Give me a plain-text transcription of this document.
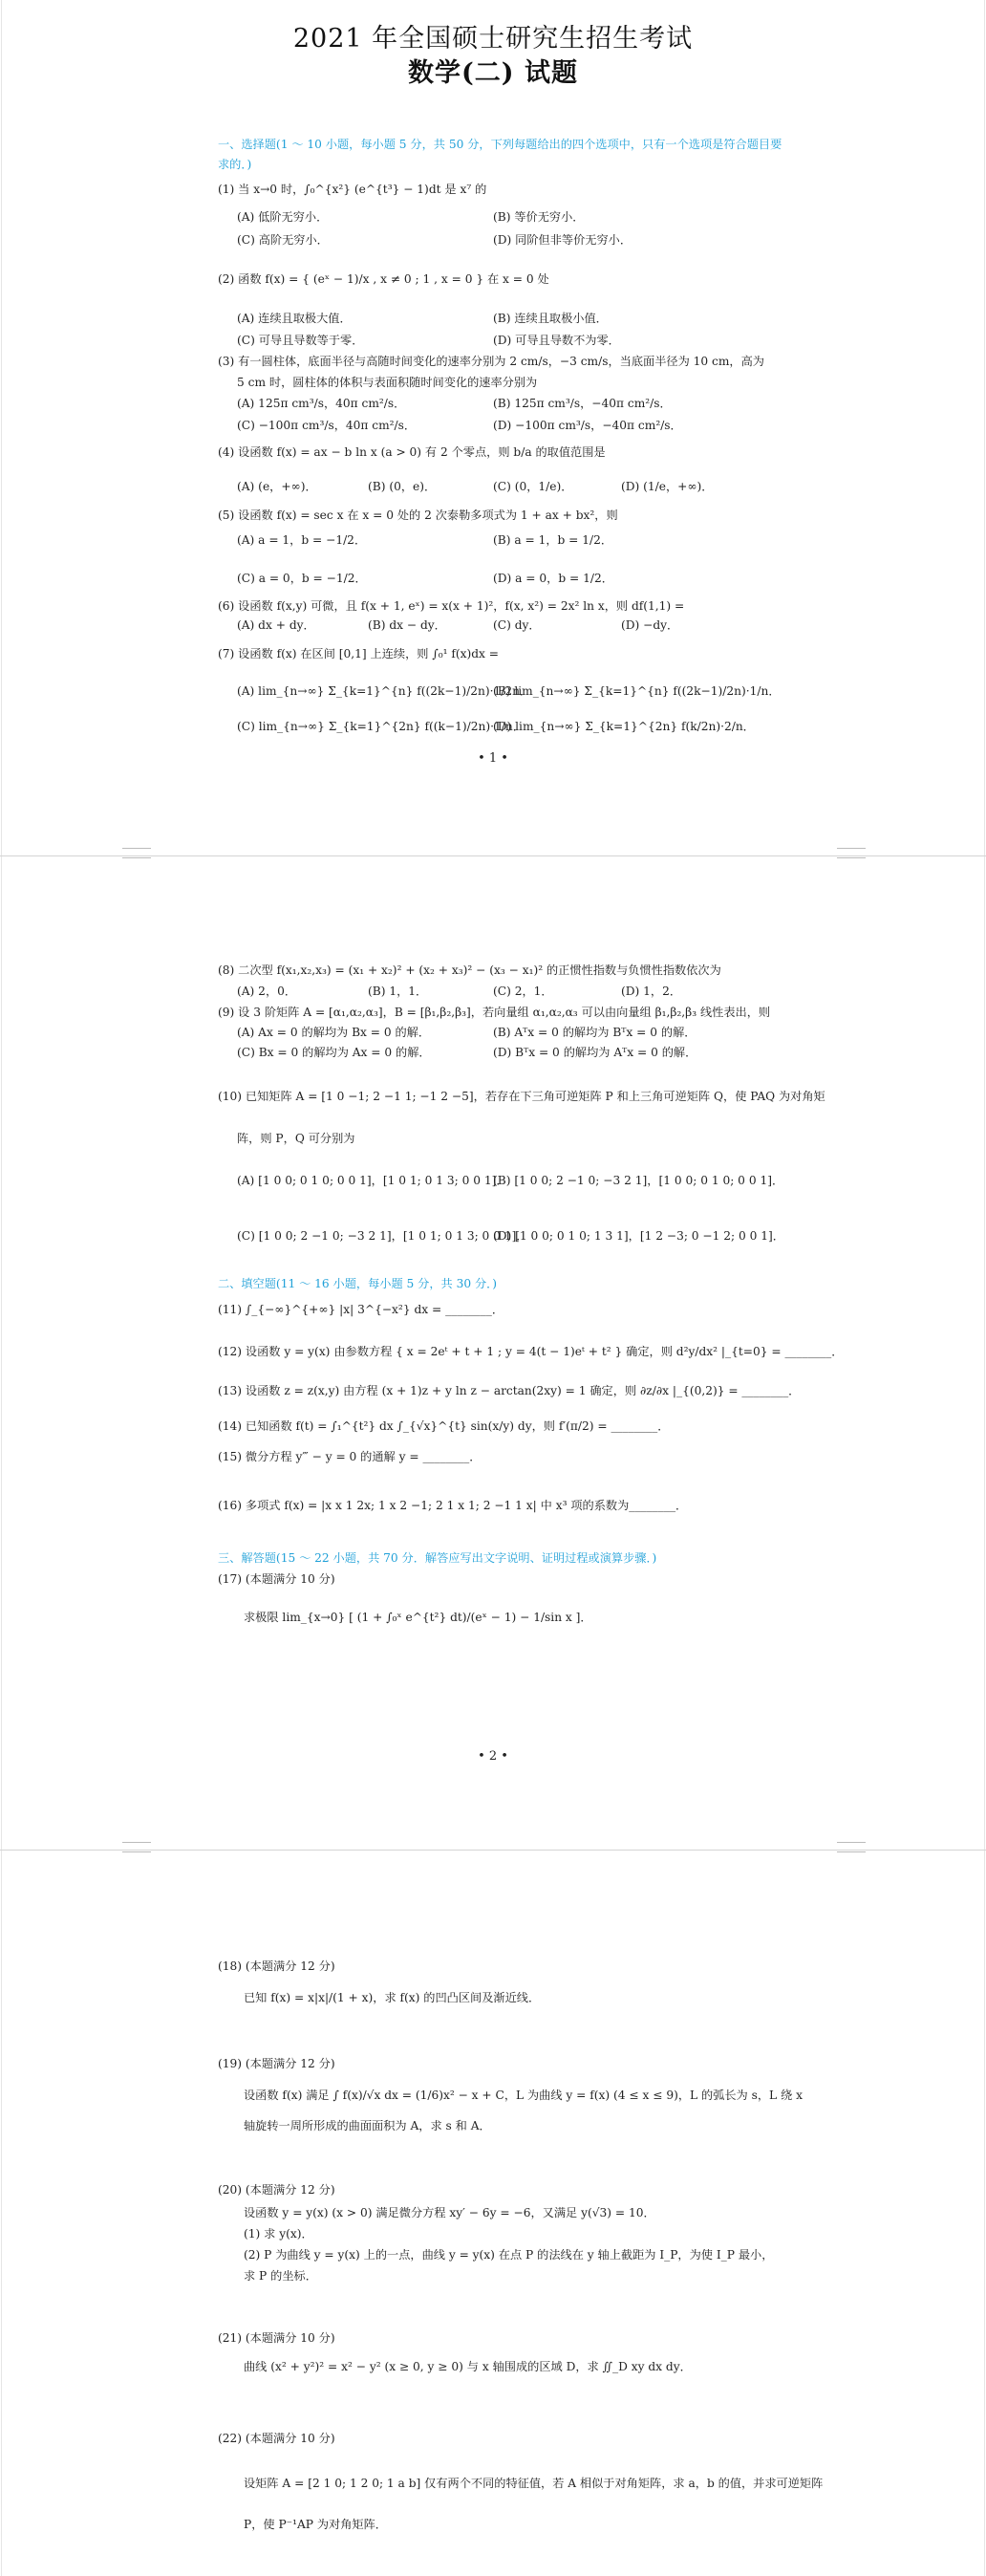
2021 年全国硕士研究生招生考试
数学(二) 试题
一、选择题(1 ～ 10 小题，每小题 5 分，共 50 分，下列每题给出的四个选项中，只有一个选项是符合题目要
求的．)
(1) 当 x→0 时，∫₀^{x²} (e^{t³} − 1)dt 是 x⁷ 的
(A) 低阶无穷小．	(B) 等价无穷小．
(C) 高阶无穷小．	(D) 同阶但非等价无穷小．
(2) 函数 f(x) = { (eˣ − 1)/x , x ≠ 0 ; 1 , x = 0 } 在 x = 0 处
(A) 连续且取极大值．	(B) 连续且取极小值．
(C) 可导且导数等于零．	(D) 可导且导数不为零．
(3) 有一圆柱体，底面半径与高随时间变化的速率分别为 2 cm/s，−3 cm/s，当底面半径为 10 cm，高为
5 cm 时，圆柱体的体积与表面积随时间变化的速率分别为
(A) 125π cm³/s，40π cm²/s．	(B) 125π cm³/s，−40π cm²/s．
(C) −100π cm³/s，40π cm²/s．	(D) −100π cm³/s，−40π cm²/s．
(4) 设函数 f(x) = ax − b ln x (a > 0) 有 2 个零点，则 b/a 的取值范围是
(A) (e，+∞)．	(B) (0，e)．	(C) (0，1/e)．	(D) (1/e，+∞)．
(5) 设函数 f(x) = sec x 在 x = 0 处的 2 次泰勒多项式为 1 + ax + bx²，则
(A) a = 1，b = −1/2．	(B) a = 1，b = 1/2．
(C) a = 0，b = −1/2．	(D) a = 0，b = 1/2．
(6) 设函数 f(x,y) 可微，且 f(x + 1, eˣ) = x(x + 1)²，f(x, x²) = 2x² ln x，则 df(1,1) =
(A) dx + dy．	(B) dx − dy．	(C) dy．	(D) −dy．
(7) 设函数 f(x) 在区间 [0,1] 上连续，则 ∫₀¹ f(x)dx =
(A) lim_{n→∞} Σ_{k=1}^{n} f((2k−1)/2n)·1/2n．
(B) lim_{n→∞} Σ_{k=1}^{n} f((2k−1)/2n)·1/n．
(C) lim_{n→∞} Σ_{k=1}^{2n} f((k−1)/2n)·1/n．
(D) lim_{n→∞} Σ_{k=1}^{2n} f(k/2n)·2/n．
• 1 •
(8) 二次型 f(x₁,x₂,x₃) = (x₁ + x₂)² + (x₂ + x₃)² − (x₃ − x₁)² 的正惯性指数与负惯性指数依次为
(A) 2，0．	(B) 1，1．	(C) 2，1．	(D) 1，2．
(9) 设 3 阶矩阵 A = [α₁,α₂,α₃]，B = [β₁,β₂,β₃]，若向量组 α₁,α₂,α₃ 可以由向量组 β₁,β₂,β₃ 线性表出，则
(A) Ax = 0 的解均为 Bx = 0 的解．	(B) Aᵀx = 0 的解均为 Bᵀx = 0 的解．
(C) Bx = 0 的解均为 Ax = 0 的解．	(D) Bᵀx = 0 的解均为 Aᵀx = 0 的解．
(10) 已知矩阵 A = [1 0 −1; 2 −1 1; −1 2 −5]，若存在下三角可逆矩阵 P 和上三角可逆矩阵 Q，使 PAQ 为对角矩
阵，则 P，Q 可分别为
(A) [1 0 0; 0 1 0; 0 0 1]，[1 0 1; 0 1 3; 0 0 1]．
(B) [1 0 0; 2 −1 0; −3 2 1]，[1 0 0; 0 1 0; 0 0 1]．
(C) [1 0 0; 2 −1 0; −3 2 1]，[1 0 1; 0 1 3; 0 0 1]．
(D) [1 0 0; 0 1 0; 1 3 1]，[1 2 −3; 0 −1 2; 0 0 1]．
二、填空题(11 ～ 16 小题，每小题 5 分，共 30 分．)
(11) ∫_{−∞}^{+∞} |x| 3^{−x²} dx = ________．
(12) 设函数 y = y(x) 由参数方程 { x = 2eᵗ + t + 1 ; y = 4(t − 1)eᵗ + t² } 确定，则 d²y/dx² |_{t=0} = ________．
(13) 设函数 z = z(x,y) 由方程 (x + 1)z + y ln z − arctan(2xy) = 1 确定，则 ∂z/∂x |_{(0,2)} = ________．
(14) 已知函数 f(t) = ∫₁^{t²} dx ∫_{√x}^{t} sin(x/y) dy，则 f′(π/2) = ________．
(15) 微分方程 y‴ − y = 0 的通解 y = ________．
(16) 多项式 f(x) = |x x 1 2x; 1 x 2 −1; 2 1 x 1; 2 −1 1 x| 中 x³ 项的系数为________．
三、解答题(15 ～ 22 小题，共 70 分．解答应写出文字说明、证明过程或演算步骤．)
(17) (本题满分 10 分)
求极限 lim_{x→0} [ (1 + ∫₀ˣ e^{t²} dt)/(eˣ − 1) − 1/sin x ]．
• 2 •
(18) (本题满分 12 分)
已知 f(x) = x|x|/(1 + x)，求 f(x) 的凹凸区间及渐近线．
(19) (本题满分 12 分)
设函数 f(x) 满足 ∫ f(x)/√x dx = (1/6)x² − x + C，L 为曲线 y = f(x) (4 ≤ x ≤ 9)，L 的弧长为 s，L 绕 x
轴旋转一周所形成的曲面面积为 A，求 s 和 A．
(20) (本题满分 12 分)
设函数 y = y(x) (x > 0) 满足微分方程 xy′ − 6y = −6，又满足 y(√3) = 10．
(1) 求 y(x)．
(2) P 为曲线 y = y(x) 上的一点，曲线 y = y(x) 在点 P 的法线在 y 轴上截距为 I_P，为使 I_P 最小，
求 P 的坐标．
(21) (本题满分 10 分)
曲线 (x² + y²)² = x² − y² (x ≥ 0, y ≥ 0) 与 x 轴围成的区域 D，求 ∬_D xy dx dy．
(22) (本题满分 10 分)
设矩阵 A = [2 1 0; 1 2 0; 1 a b] 仅有两个不同的特征值，若 A 相似于对角矩阵，求 a，b 的值，并求可逆矩阵
P，使 P⁻¹AP 为对角矩阵．
